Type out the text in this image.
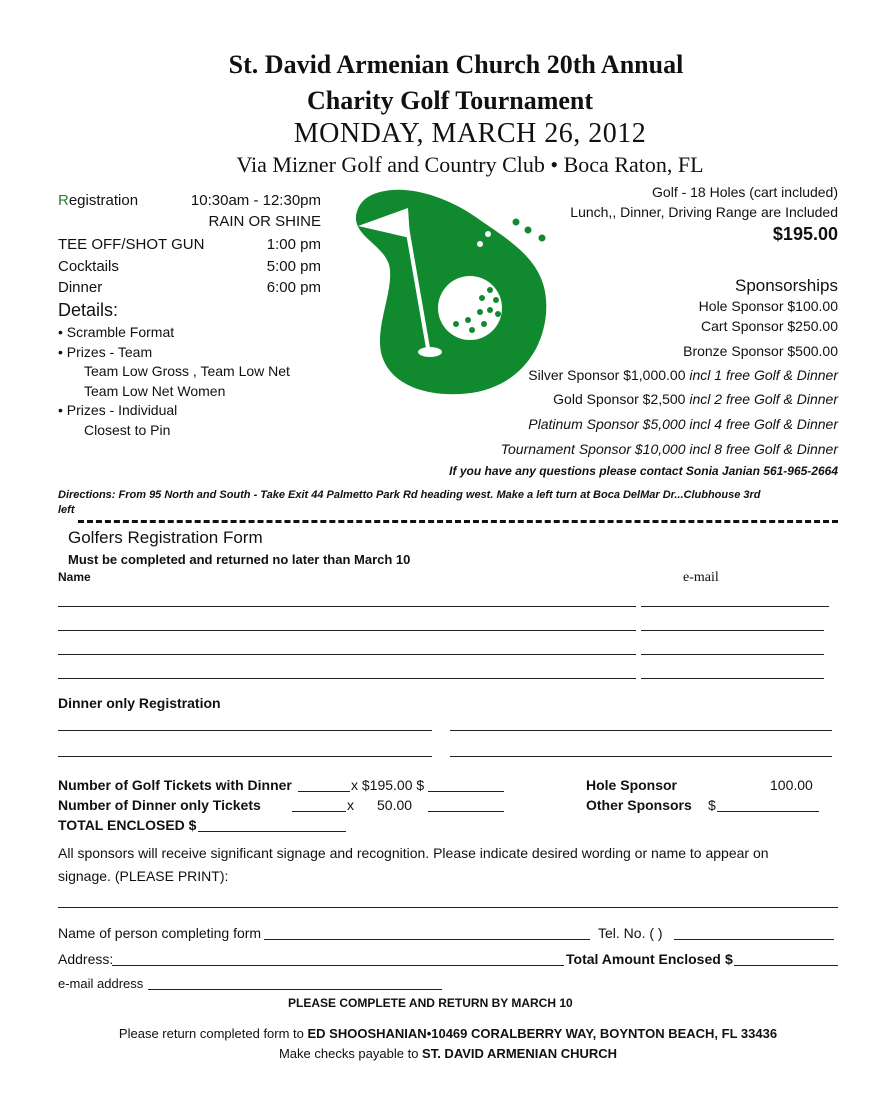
St. David Armenian Church 20th Annual
Charity Golf Tournament
MONDAY, MARCH 26, 2012
Via Mizner Golf and Country Club • Boca Raton, FL
Registration	10:30am - 12:30pm
RAIN OR SHINE
TEE OFF/SHOT GUN	1:00 pm
Cocktails	5:00 pm
Dinner	6:00 pm
Details:
• Scramble Format
• Prizes - Team
Team Low Gross , Team Low Net
Team Low Net Women
• Prizes - Individual
Closest to Pin
Golf - 18 Holes (cart included)
Lunch,, Dinner, Driving Range are Included
$195.00
Sponsorships
Hole Sponsor $100.00
Cart Sponsor $250.00
Bronze Sponsor $500.00
Silver Sponsor $1,000.00 incl 1 free Golf & Dinner
Gold Sponsor $2,500 incl 2 free Golf & Dinner
Platinum Sponsor $5,000 incl 4 free Golf & Dinner
Tournament Sponsor $10,000 incl 8 free Golf & Dinner
If you have any questions please contact Sonia Janian 561-965-2664
Directions: From 95 North and South - Take Exit 44 Palmetto Park Rd heading west. Make a left turn at Boca DelMar Dr...Clubhouse 3rd
left
Golfers Registration Form
Must be completed and returned no later than March 10
Name	e-mail
Dinner only Registration
Number of Golf Tickets with Dinner	x $195.00 $
Number of Dinner only Tickets	x 50.00
TOTAL ENCLOSED $
Hole Sponsor	100.00
Other Sponsors $
All sponsors will receive significant signage and recognition. Please indicate desired wording or name to appear on
signage. (PLEASE PRINT):
Name of person completing form	Tel. No. ( )
Address:	Total Amount Enclosed $
e-mail address
PLEASE COMPLETE AND RETURN BY MARCH 10
Please return completed form to ED SHOOSHANIAN•10469 CORALBERRY WAY, BOYNTON BEACH, FL 33436
Make checks payable to ST. DAVID ARMENIAN CHURCH
